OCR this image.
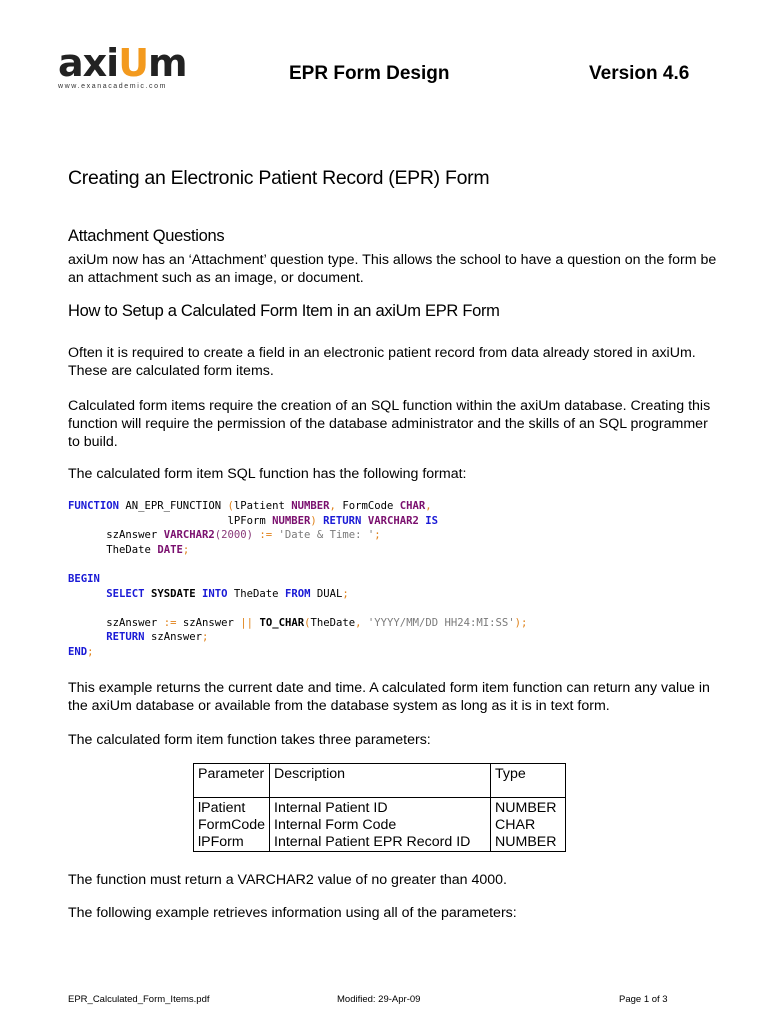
axiUm
www.exanacademic.com
EPR Form Design	Version 4.6
Creating an Electronic Patient Record (EPR) Form
Attachment Questions

axiUm now has an ‘Attachment’ question type. This allows the school to have a question on the form be an attachment such as an image, or document.

How to Setup a Calculated Form Item in an axiUm EPR Form

Often it is required to create a field in an electronic patient record from data already stored in axiUm. These are calculated form items.

Calculated form items require the creation of an SQL function within the axiUm database. Creating this function will require the permission of the database administrator and the skills of an SQL programmer to build.

The calculated form item SQL function has the following format:

FUNCTION AN_EPR_FUNCTION (lPatient NUMBER, FormCode CHAR,
lPForm NUMBER) RETURN VARCHAR2 IS
szAnswer VARCHAR2(2000) := 'Date & Time: ';
TheDate DATE;
BEGIN
SELECT SYSDATE INTO TheDate FROM DUAL;
szAnswer := szAnswer || TO_CHAR(TheDate, 'YYYY/MM/DD HH24:MI:SS');
RETURN szAnswer;
END;

This example returns the current date and time. A calculated form item function can return any value in the axiUm database or available from the database system as long as it is in text form.

The calculated form item function takes three parameters:

Parameter	Description	Type
lPatient	Internal Patient ID	NUMBER
FormCode	Internal Form Code	CHAR
lPForm	Internal Patient EPR Record ID	NUMBER

The function must return a VARCHAR2 value of no greater than 4000.

The following example retrieves information using all of the parameters:

EPR_Calculated_Form_Items.pdf	Modified: 29-Apr-09	Page 1 of 3
